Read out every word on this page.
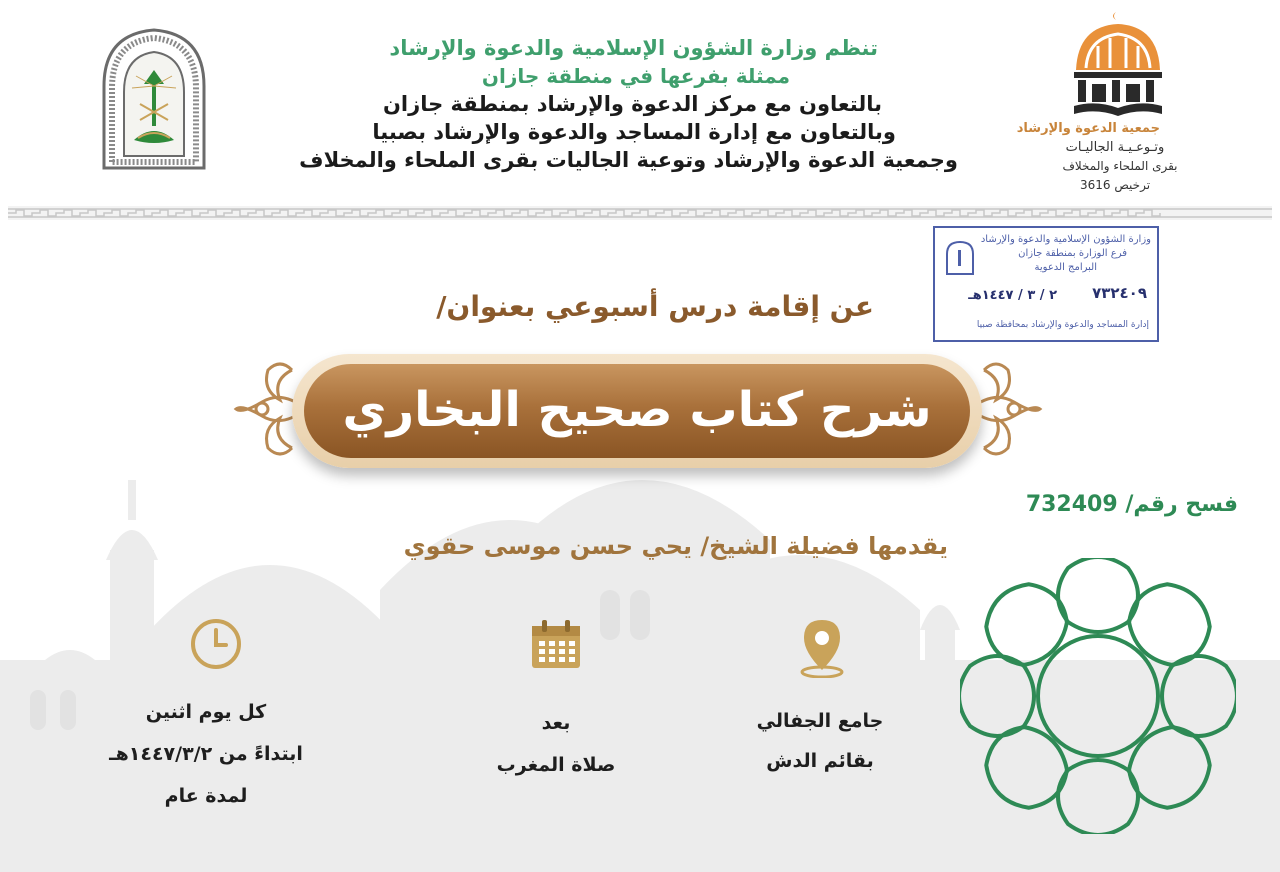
تنظم وزارة الشؤون الإسلامية والدعوة والإرشاد
ممثلة بفرعها في منطقة جازان
بالتعاون مع مركز الدعوة والإرشاد بمنطقة جازان
وبالتعاون مع إدارة المساجد والدعوة والإرشاد بصبيا
وجمعية الدعوة والإرشاد وتوعية الجاليات بقرى الملحاء والمخلاف
جمعية الدعوة والإرشاد
وتـوعـيـة الجاليـات
بقرى الملحاء والمخلاف
ترخيص 3616
وزارة الشؤون الإسلامية والدعوة والإرشاد
فرع الوزارة بمنطقة جازان
البرامج الدعوية
٧٣٢٤٠٩
٢ / ٣ / ١٤٤٧هـ
إدارة المساجد والدعوة والإرشاد بمحافظة صبيا
عن إقامة درس أسبوعي بعنوان/
شرح كتاب صحيح البخاري
فسح رقم/ 732409
يقدمها فضيلة الشيخ/ يحي حسن موسى حقوي
جامع الجفالي
بقائم الدش
بعد
صلاة المغرب
كل يوم اثنين
ابتداءً من ١٤٤٧/٣/٢هـ
لمدة عام
